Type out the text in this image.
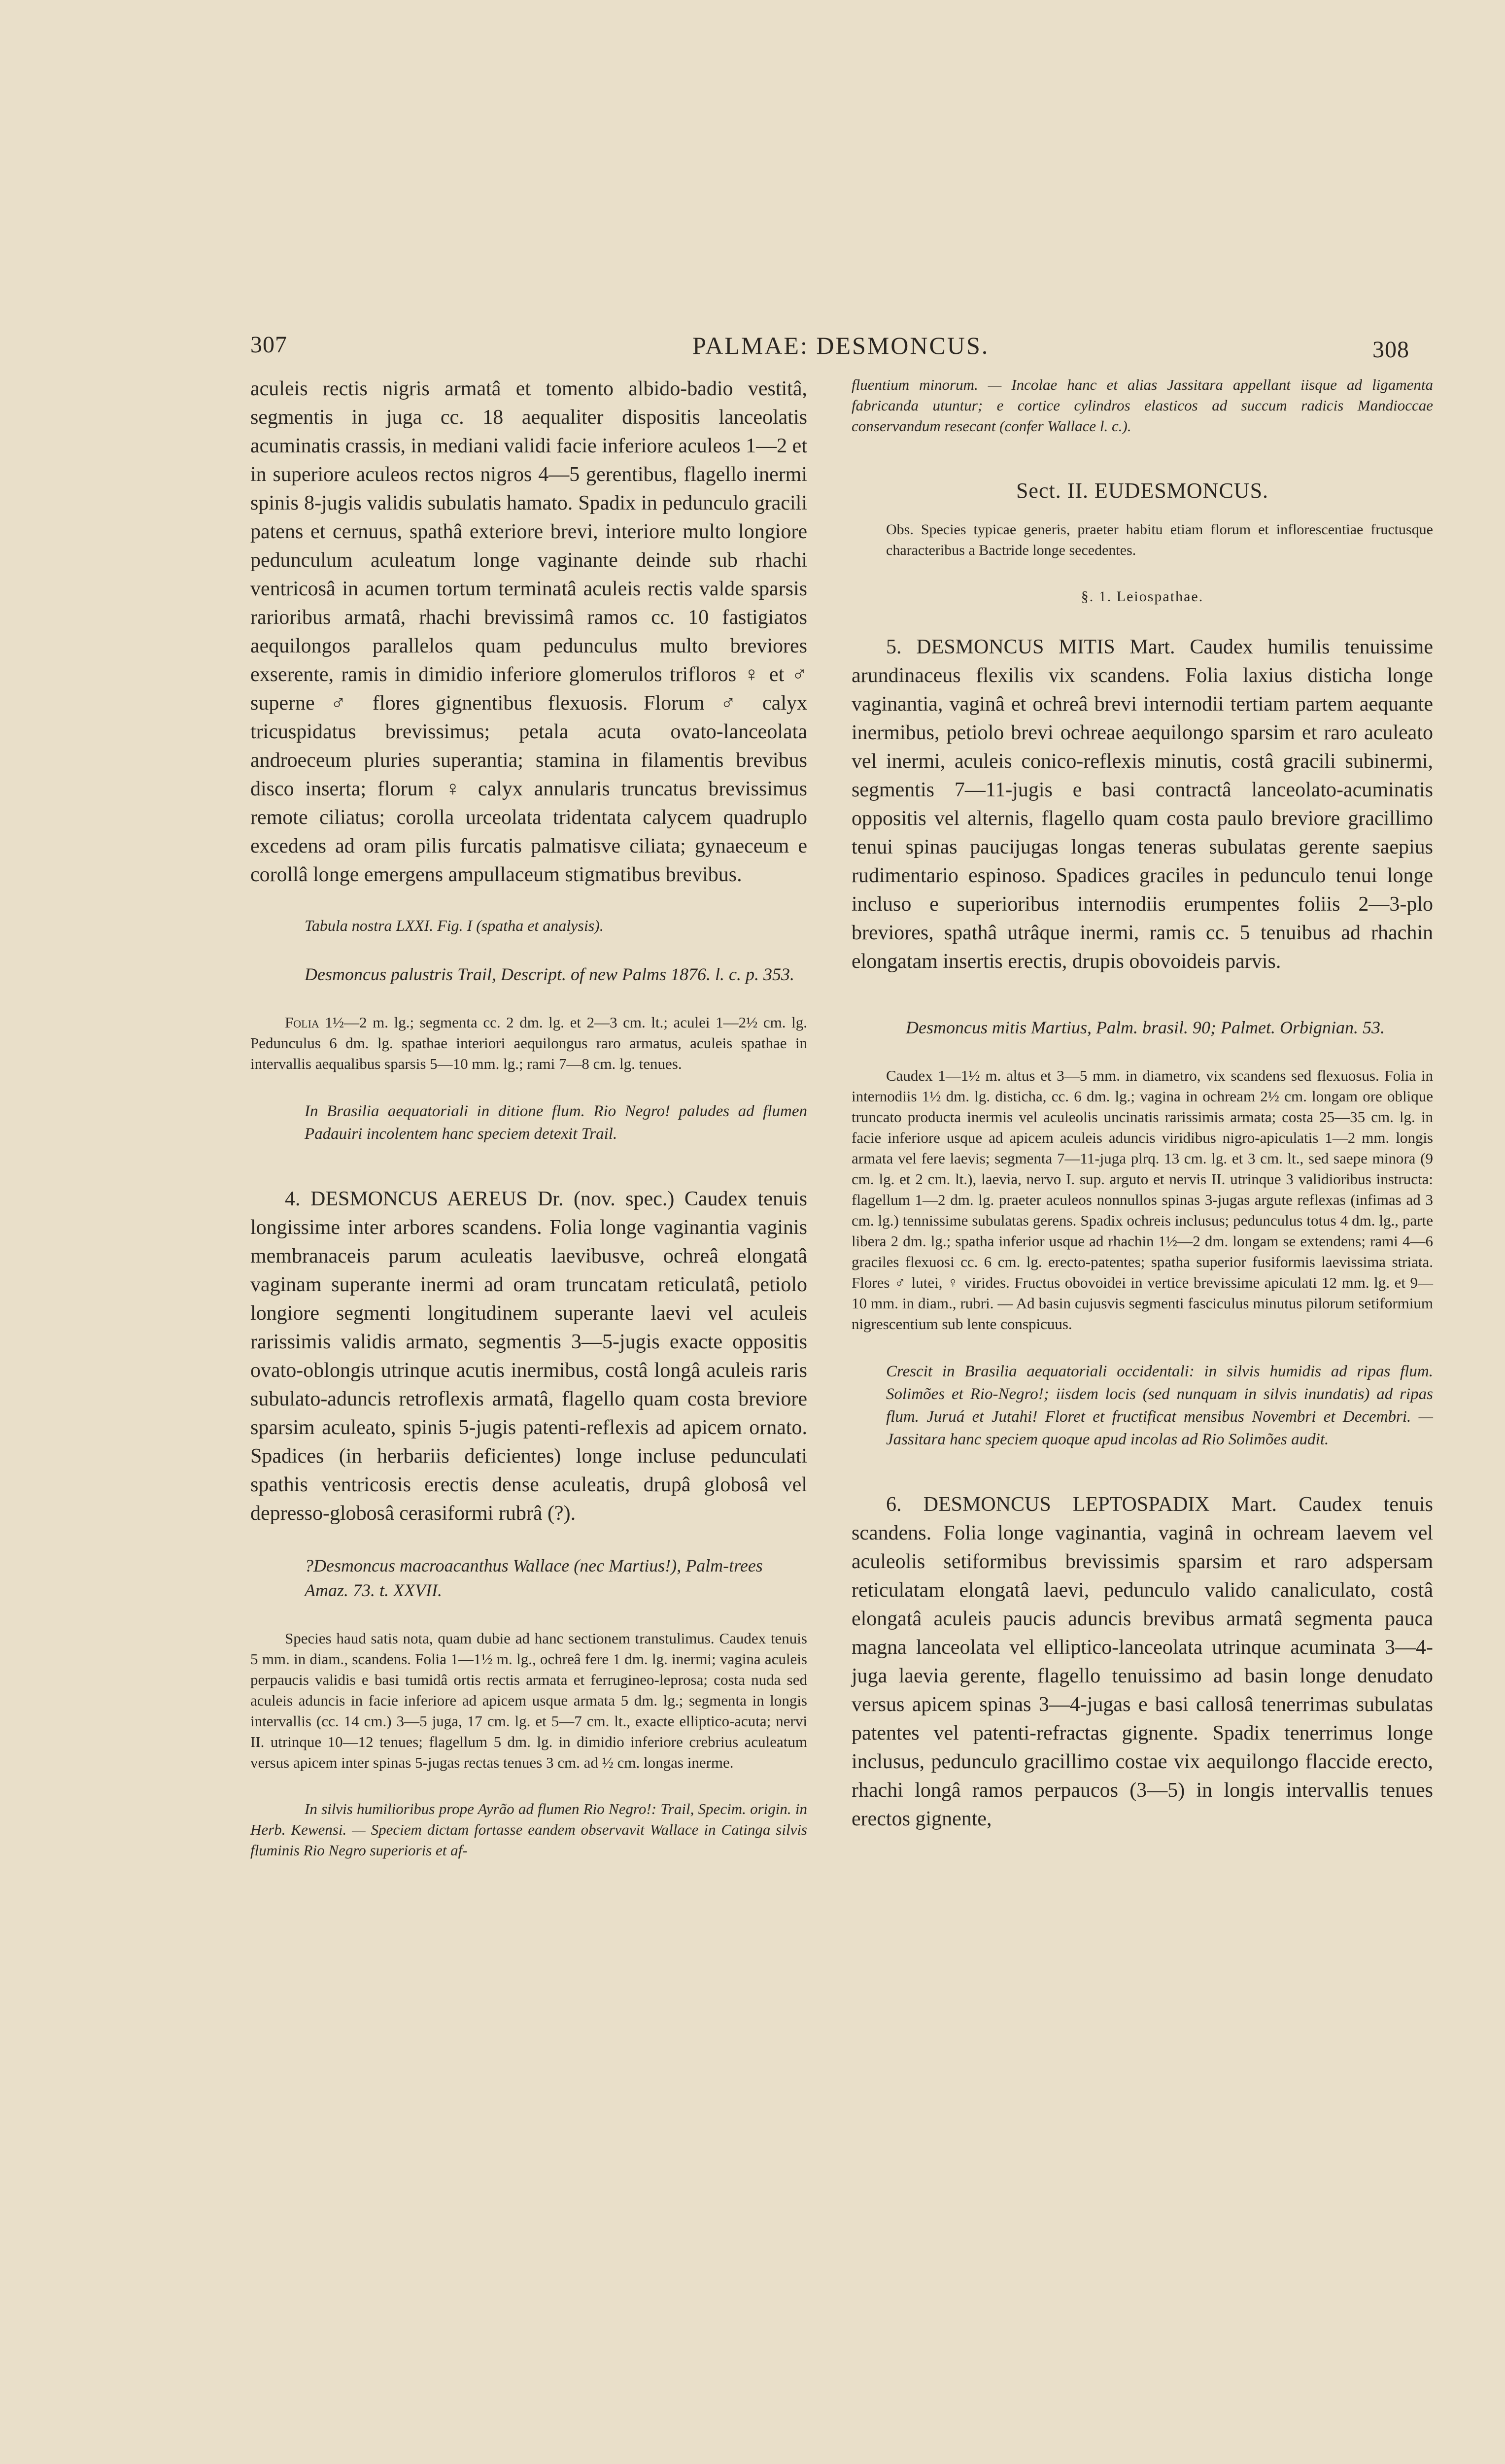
307	PALMAE: DESMONCUS.	308

aculeis rectis nigris armatâ et tomento albido-badio vestitâ, segmentis in juga cc. 18 aequaliter dispositis lanceolatis acuminatis crassis, in mediani validi facie inferiore aculeos 1—2 et in superiore aculeos rectos nigros 4—5 gerentibus, flagello inermi spinis 8-jugis validis subulatis hamato. Spadix in pedunculo gracili patens et cernuus, spathâ exteriore brevi, interiore multo longiore pedunculum aculeatum longe vaginante deinde sub rhachi ventricosâ in acumen tortum terminatâ aculeis rectis valde sparsis rarioribus armatâ, rhachi brevissimâ ramos cc. 10 fastigiatos aequilongos parallelos quam pedunculus multo breviores exserente, ramis in dimidio inferiore glomerulos trifloros ♀ et ♂ superne ♂ flores gignentibus flexuosis. Florum ♂ calyx tricuspidatus brevissimus; petala acuta ovato-lanceolata androeceum pluries superantia; stamina in filamentis brevibus disco inserta; florum ♀ calyx annularis truncatus brevissimus remote ciliatus; corolla urceolata tridentata calycem quadruplo excedens ad oram pilis furcatis palmatisve ciliata; gynaeceum e corollâ longe emergens ampullaceum stigmatibus brevibus.

Tabula nostra LXXI. Fig. I (spatha et analysis).

Desmoncus palustris Trail, Descript. of new Palms 1876. l. c. p. 353.

Folia 1½—2 m. lg.; segmenta cc. 2 dm. lg. et 2—3 cm. lt.; aculei 1—2½ cm. lg. Pedunculus 6 dm. lg. spathae interiori aequilongus raro armatus, aculeis spathae in intervallis aequalibus sparsis 5—10 mm. lg.; rami 7—8 cm. lg. tenues.

In Brasilia aequatoriali in ditione flum. Rio Negro! paludes ad flumen Padauiri incolentem hanc speciem detexit Trail.

4. DESMONCUS AEREUS Dr. (nov. spec.) Caudex tenuis longissime inter arbores scandens. Folia longe vaginantia vaginis membranaceis parum aculeatis laevibusve, ochreâ elongatâ vaginam superante inermi ad oram truncatam reticulatâ, petiolo longiore segmenti longitudinem superante laevi vel aculeis rarissimis validis armato, segmentis 3—5-jugis exacte oppositis ovato-oblongis utrinque acutis inermibus, costâ longâ aculeis raris subulato-aduncis retroflexis armatâ, flagello quam costa breviore sparsim aculeato, spinis 5-jugis patenti-reflexis ad apicem ornato. Spadices (in herbariis deficientes) longe incluse pedunculati spathis ventricosis erectis dense aculeatis, drupâ globosâ vel depresso-globosâ cerasiformi rubrâ (?).

?Desmoncus macroacanthus Wallace (nec Martius!), Palm-trees Amaz. 73. t. XXVII.

Species haud satis nota, quam dubie ad hanc sectionem transtulimus. Caudex tenuis 5 mm. in diam., scandens. Folia 1—1½ m. lg., ochreâ fere 1 dm. lg. inermi; vagina aculeis perpaucis validis e basi tumidâ ortis rectis armata et ferrugineo-leprosa; costa nuda sed aculeis aduncis in facie inferiore ad apicem usque armata 5 dm. lg.; segmenta in longis intervallis (cc. 14 cm.) 3—5 juga, 17 cm. lg. et 5—7 cm. lt., exacte elliptico-acuta; nervi II. utrinque 10—12 tenues; flagellum 5 dm. lg. in dimidio inferiore crebrius aculeatum versus apicem inter spinas 5-jugas rectas tenues 3 cm. ad ½ cm. longas inerme.

In silvis humilioribus prope Ayrão ad flumen Rio Negro!: Trail, Specim. origin. in Herb. Kewensi. — Speciem dictam fortasse eandem observavit Wallace in Catinga silvis fluminis Rio Negro superioris et af-

fluentium minorum. — Incolae hanc et alias Jassitara appellant iisque ad ligamenta fabricanda utuntur; e cortice cylindros elasticos ad succum radicis Mandioccae conservandum resecant (confer Wallace l. c.).

Sect. II. EUDESMONCUS.

Obs. Species typicae generis, praeter habitu etiam florum et inflorescentiae fructusque characteribus a Bactride longe secedentes.

§. 1. Leiospathae.

5. DESMONCUS MITIS Mart. Caudex humilis tenuissime arundinaceus flexilis vix scandens. Folia laxius disticha longe vaginantia, vaginâ et ochreâ brevi internodii tertiam partem aequante inermibus, petiolo brevi ochreae aequilongo sparsim et raro aculeato vel inermi, aculeis conico-reflexis minutis, costâ gracili subinermi, segmentis 7—11-jugis e basi contractâ lanceolato-acuminatis oppositis vel alternis, flagello quam costa paulo breviore gracillimo tenui spinas paucijugas longas teneras subulatas gerente saepius rudimentario espinoso. Spadices graciles in pedunculo tenui longe incluso e superioribus internodiis erumpentes foliis 2—3-plo breviores, spathâ utrâque inermi, ramis cc. 5 tenuibus ad rhachin elongatam insertis erectis, drupis obovoideis parvis.

Desmoncus mitis Martius, Palm. brasil. 90; Palmet. Orbignian. 53.

Caudex 1—1½ m. altus et 3—5 mm. in diametro, vix scandens sed flexuosus. Folia in internodiis 1½ dm. lg. disticha, cc. 6 dm. lg.; vagina in ochream 2½ cm. longam ore oblique truncato producta inermis vel aculeolis uncinatis rarissimis armata; costa 25—35 cm. lg. in facie inferiore usque ad apicem aculeis aduncis viridibus nigro-apiculatis 1—2 mm. longis armata vel fere laevis; segmenta 7—11-juga plrq. 13 cm. lg. et 3 cm. lt., sed saepe minora (9 cm. lg. et 2 cm. lt.), laevia, nervo I. sup. arguto et nervis II. utrinque 3 validioribus instructa: flagellum 1—2 dm. lg. praeter aculeos nonnullos spinas 3-jugas argute reflexas (infimas ad 3 cm. lg.) tennissime subulatas gerens. Spadix ochreis inclusus; pedunculus totus 4 dm. lg., parte libera 2 dm. lg.; spatha inferior usque ad rhachin 1½—2 dm. longam se extendens; rami 4—6 graciles flexuosi cc. 6 cm. lg. erecto-patentes; spatha superior fusiformis laevissima striata. Flores ♂ lutei, ♀ virides. Fructus obovoidei in vertice brevissime apiculati 12 mm. lg. et 9—10 mm. in diam., rubri. — Ad basin cujusvis segmenti fasciculus minutus pilorum setiformium nigrescentium sub lente conspicuus.

Crescit in Brasilia aequatoriali occidentali: in silvis humidis ad ripas flum. Solimões et Rio-Negro!; iisdem locis (sed nunquam in silvis inundatis) ad ripas flum. Juruá et Jutahi! Floret et fructificat mensibus Novembri et Decembri. — Jassitara hanc speciem quoque apud incolas ad Rio Solimões audit.

6. DESMONCUS LEPTOSPADIX Mart. Caudex tenuis scandens. Folia longe vaginantia, vaginâ in ochream laevem vel aculeolis setiformibus brevissimis sparsim et raro adspersam reticulatam elongatâ laevi, pedunculo valido canaliculato, costâ elongatâ aculeis paucis aduncis brevibus armatâ segmenta pauca magna lanceolata vel elliptico-lanceolata utrinque acuminata 3—4-juga laevia gerente, flagello tenuissimo ad basin longe denudato versus apicem spinas 3—4-jugas e basi callosâ tenerrimas subulatas patentes vel patenti-refractas gignente. Spadix tenerrimus longe inclusus, pedunculo gracillimo costae vix aequilongo flaccide erecto, rhachi longâ ramos perpaucos (3—5) in longis intervallis tenues erectos gignente,
